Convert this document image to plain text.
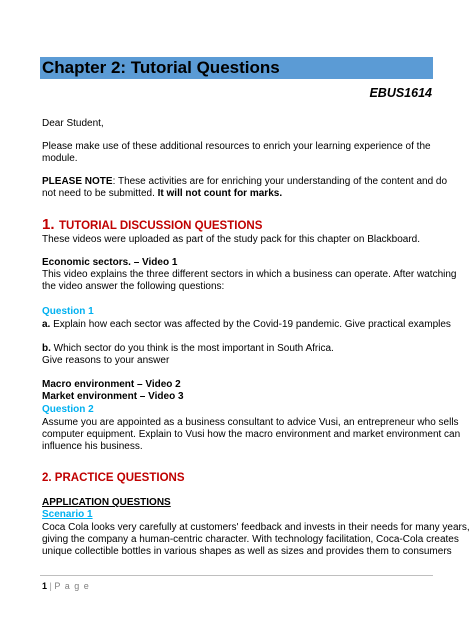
Chapter 2: Tutorial Questions
EBUS1614
Dear Student,
Please make use of these additional resources to enrich your learning experience of the
module.
PLEASE NOTE: These activities are for enriching your understanding of the content and do
not need to be submitted. It will not count for marks.
1. TUTORIAL DISCUSSION QUESTIONS
These videos were uploaded as part of the study pack for this chapter on Blackboard.
Economic sectors. – Video 1
This video explains the three different sectors in which a business can operate. After watching
the video answer the following questions:
Question 1
a. Explain how each sector was affected by the Covid-19 pandemic. Give practical examples
b. Which sector do you think is the most important in South Africa.
Give reasons to your answer
Macro environment – Video 2
Market environment – Video 3
Question 2
Assume you are appointed as a business consultant to advice Vusi, an entrepreneur who sells
computer equipment. Explain to Vusi how the macro environment and market environment can
influence his business.
2. PRACTICE QUESTIONS
APPLICATION QUESTIONS
Scenario 1
Coca Cola looks very carefully at customers' feedback and invests in their needs for many years,
giving the company a human-centric character. With technology facilitation, Coca-Cola creates
unique collectible bottles in various shapes as well as sizes and provides them to consumers
1 | P a g e
